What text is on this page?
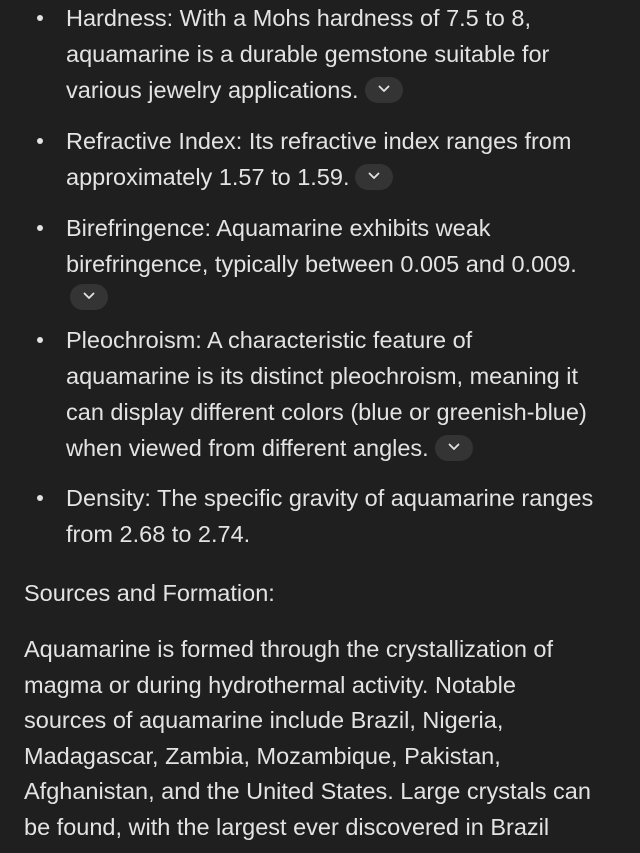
Hardness: With a Mohs hardness of 7.5 to 8,
aquamarine is a durable gemstone suitable for
various jewelry applications.
Refractive Index: Its refractive index ranges from
approximately 1.57 to 1.59.
Birefringence: Aquamarine exhibits weak
birefringence, typically between 0.005 and 0.009.
Pleochroism: A characteristic feature of
aquamarine is its distinct pleochroism, meaning it
can display different colors (blue or greenish-blue)
when viewed from different angles.
Density: The specific gravity of aquamarine ranges
from 2.68 to 2.74.
Sources and Formation:
Aquamarine is formed through the crystallization of
magma or during hydrothermal activity. Notable
sources of aquamarine include Brazil, Nigeria,
Madagascar, Zambia, Mozambique, Pakistan,
Afghanistan, and the United States. Large crystals can
be found, with the largest ever discovered in Brazil
